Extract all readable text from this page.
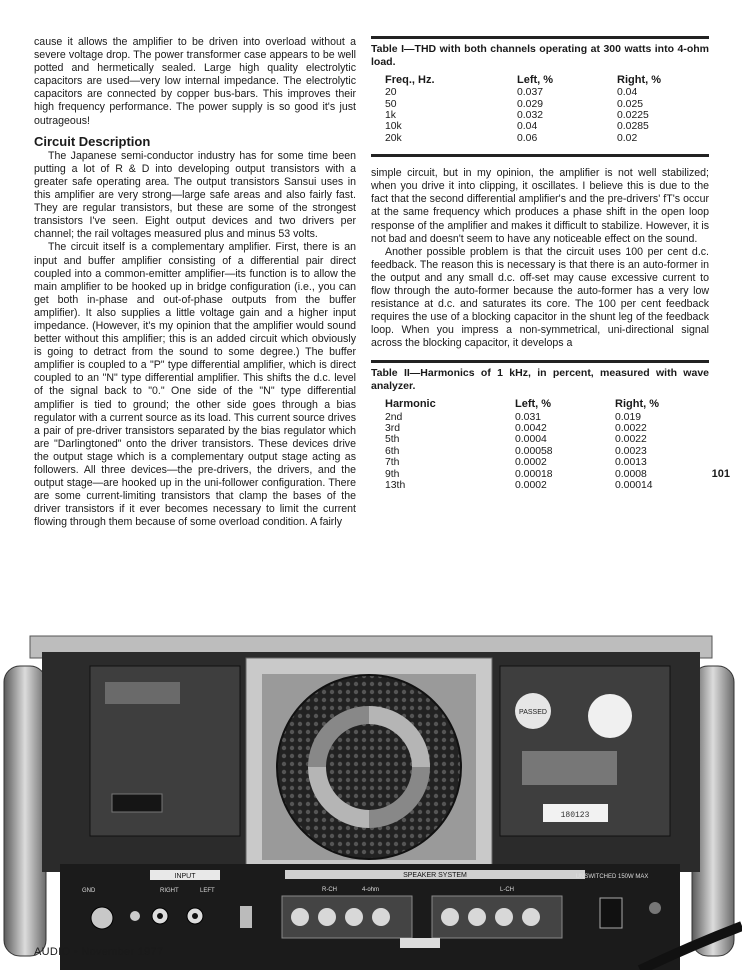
cause it allows the amplifier to be driven into overload without a severe voltage drop. The power transformer case appears to be well potted and hermetically sealed. Large high quality electrolytic capacitors are used—very low internal impedance. The electrolytic capacitors are connected by copper bus-bars. This improves their high frequency performance. The power supply is so good it's just outrageous!

Circuit Description

The Japanese semi-conductor industry has for some time been putting a lot of R & D into developing output transistors with a greater safe operating area. The output transistors Sansui uses in this amplifier are very strong—large safe areas and also fairly fast. They are regular transistors, but these are some of the strongest transistors I've seen. Eight output devices and two drivers per channel; the rail voltages measured plus and minus 53 volts.

The circuit itself is a complementary amplifier. First, there is an input and buffer amplifier consisting of a differential pair direct coupled into a common-emitter amplifier—its function is to allow the main amplifier to be hooked up in bridge configuration (i.e., you can get both in-phase and out-of-phase outputs from the buffer amplifier). It also supplies a little voltage gain and a higher input impedance. (However, it's my opinion that the amplifier would sound better without this amplifier; this is an added circuit which obviously is going to detract from the sound to some degree.) The buffer amplifier is coupled to a "P" type differential amplifier, which is direct coupled to an "N" type differential amplifier. This shifts the d.c. level of the signal back to "0." One side of the "N" type differential amplifier is tied to ground; the other side goes through a bias regulator with a current source as its load. This current source drives a pair of pre-driver transistors separated by the bias regulator which are "Darlingtoned" onto the driver transistors. These devices drive the output stage which is a complementary output stage acting as followers. All three devices—the pre-drivers, the drivers, and the output stage—are hooked up in the uni-follower configuration. There are some current-limiting transistors that clamp the bases of the driver transistors if it ever becomes necessary to limit the current flowing through them because of some overload condition. A fairly

Table I—THD with both channels operating at 300 watts into 4-ohm load.
Freq., Hz.	Left, %	Right, %
20	0.037	0.04
50	0.029	0.025
1k	0.032	0.0225
10k	0.04	0.0285
20k	0.06	0.02

simple circuit, but in my opinion, the amplifier is not well stabilized; when you drive it into clipping, it oscillates. I believe this is due to the fact that the second differential amplifier's and the pre-drivers' fT's occur at the same frequency which produces a phase shift in the open loop response of the amplifier and makes it difficult to stabilize. However, it is not bad and doesn't seem to have any noticeable effect on the sound.

Another possible problem is that the circuit uses 100 per cent d.c. feedback. The reason this is necessary is that there is an auto-former in the output and any small d.c. off-set may cause excessive current to flow through the auto-former because the auto-former has a very low resistance at d.c. and saturates its core. The 100 per cent feedback requires the use of a blocking capacitor in the shunt leg of the feedback loop. When you impress a non-symmetrical, uni-directional signal across the blocking capacitor, it develops a

Table II—Harmonics of 1 kHz, in percent, measured with wave analyzer.
Harmonic	Left, %	Right, %
2nd	0.031	0.019
3rd	0.0042	0.0022
5th	0.0004	0.0022
6th	0.00058	0.0023
7th	0.0002	0.0013
9th	0.00018	0.0008
13th	0.0002	0.00014
101
PASSED
180123
INPUT
GND	RIGHT	LEFT
SPEAKER SYSTEM
R-CH	L-CH
4-ohm
UNSWITCHED 150W MAX
AUDIO • November 1977
